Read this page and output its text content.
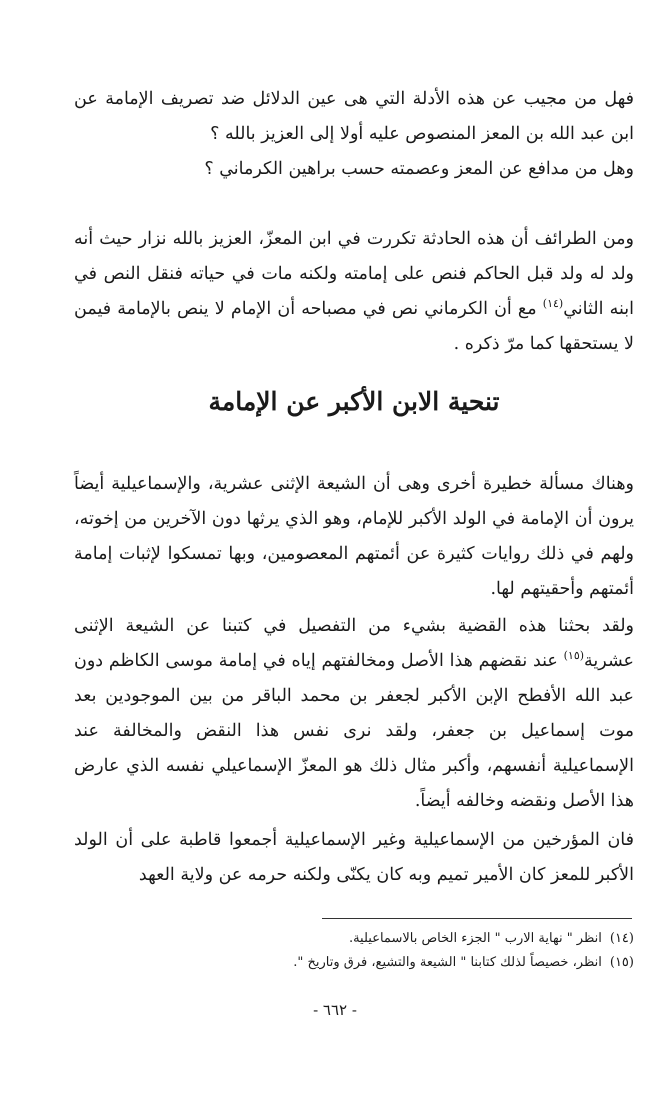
فهل من مجيب عن هذه الأدلة التي هى عين الدلائل ضد تصريف الإمامة عن ابن عبد الله بن المعز المنصوص عليه أولا إلى العزيز بالله ؟

وهل من مدافع عن المعز وعصمته حسب براهين الكرماني ؟

ومن الطرائف أن هذه الحادثة تكررت في ابن المعزّ، العزيز بالله نزار حيث أنه ولد له ولد قبل الحاكم فنص على إمامته ولكنه مات في حياته فنقل النص في ابنه الثاني$^{(١٤)}$ مع أن الكرماني نص في مصباحه أن الإمام لا ينص بالإمامة فيمن لا يستحقها كما مرّ ذكره .

تنحية الابن الأكبر عن الإمامة

وهناك مسألة خطيرة أخرى وهى أن الشيعة الإثنى عشرية، والإسماعيلية أيضاً يرون أن الإمامة في الولد الأكبر للإمام، وهو الذي يرثها دون الآخرين من إخوته، ولهم في ذلك روايات كثيرة عن أئمتهم المعصومين، وبها تمسكوا لإثبات إمامة أئمتهم وأحقيتهم لها.

ولقد بحثنا هذه القضية بشيء من التفصيل في كتبنا عن الشيعة الإثنى عشرية$^{(١٥)}$ عند نقضهم هذا الأصل ومخالفتهم إياه في إمامة موسى الكاظم دون عبد الله الأفطح الإبن الأكبر لجعفر بن محمد الباقر من بين الموجودين بعد موت إسماعيل بن جعفر، ولقد نرى نفس هذا النقض والمخالفة عند الإسماعيلية أنفسهم، وأكبر مثال ذلك هو المعزّ الإسماعيلي نفسه الذي عارض هذا الأصل ونقضه وخالفه أيضاً.

فان المؤرخين من الإسماعيلية وغير الإسماعيلية أجمعوا قاطبة على أن الولد الأكبر للمعز كان الأمير تميم وبه كان يكنّى ولكنه حرمه عن ولاية العهد

(١٤)انظر " نهاية الارب " الجزء الخاص بالاسماعيلية.
(١٥)انظر، خصيصاً لذلك كتابنا " الشيعة والتشيع، فرق وتاريخ ".

- ٦٦٢ -
